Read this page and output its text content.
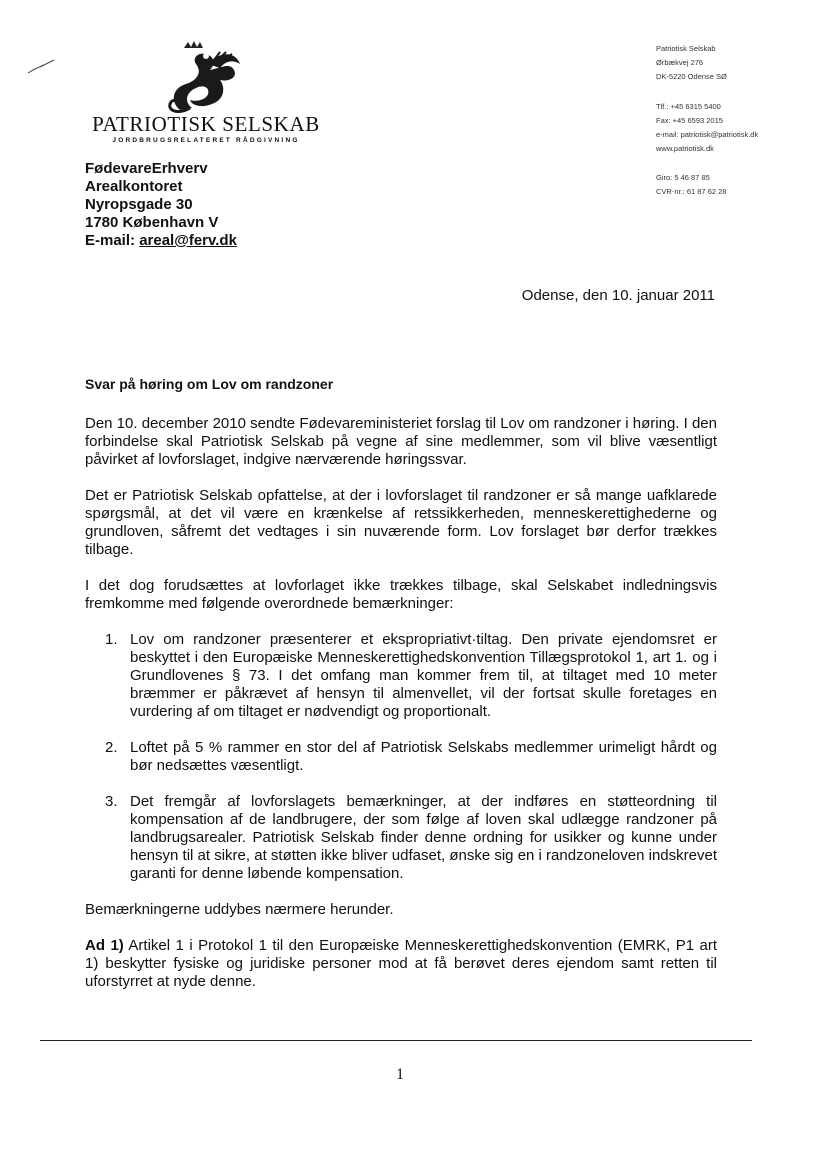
PATRIOTISK SELSKAB
JORDBRUGSRELATERET RÅDGIVNING
Patriotisk Selskab
Ørbækvej 276
DK-5220 Odense SØ
Tlf.: +45 6315 5400
Fax: +45 6593 2015
e-mail: patriotisk@patriotisk.dk
www.patriotisk.dk
Giro: 5 46 87 85
CVR-nr.: 61 87 62 28
FødevareErhverv
Arealkontoret
Nyropsgade 30
1780 København V
E-mail: areal@ferv.dk
Odense, den 10. januar 2011
Svar på høring om Lov om randzoner
Den 10. december 2010 sendte Fødevareministeriet forslag til Lov om randzoner i høring. I den forbindelse skal Patriotisk Selskab på vegne af sine medlemmer, som vil blive væsentligt påvirket af lovforslaget, indgive nærværende høringssvar.
Det er Patriotisk Selskab opfattelse, at der i lovforslaget til randzoner er så mange uafklarede spørgsmål, at det vil være en krænkelse af retssikkerheden, menneskerettighederne og grundloven, såfremt det vedtages i sin nuværende form. Lov forslaget bør derfor trækkes tilbage.
I det dog forudsættes at lovforlaget ikke trækkes tilbage, skal Selskabet indledningsvis fremkomme med følgende overordnede bemærkninger:
1. Lov om randzoner præsenterer et ekspropriativt·tiltag. Den private ejendomsret er beskyttet i den Europæiske Menneskerettighedskonvention Tillægsprotokol 1, art 1. og i Grundlovenes § 73. I det omfang man kommer frem til, at tiltaget med 10 meter bræmmer er påkrævet af hensyn til almenvellet, vil der fortsat skulle foretages en vurdering af om tiltaget er nødvendigt og proportionalt.
2. Loftet på 5 % rammer en stor del af Patriotisk Selskabs medlemmer urimeligt hårdt og bør nedsættes væsentligt.
3. Det fremgår af lovforslagets bemærkninger, at der indføres en støtteordning til kompensation af de landbrugere, der som følge af loven skal udlægge randzoner på landbrugsarealer. Patriotisk Selskab finder denne ordning for usikker og kunne under hensyn til at sikre, at støtten ikke bliver udfaset, ønske sig en i randzoneloven indskrevet garanti for denne løbende kompensation.
Bemærkningerne uddybes nærmere herunder.
Ad 1) Artikel 1 i Protokol 1 til den Europæiske Menneskerettighedskonvention (EMRK, P1 art 1) beskytter fysiske og juridiske personer mod at få berøvet deres ejendom samt retten til uforstyrret at nyde denne.
1
